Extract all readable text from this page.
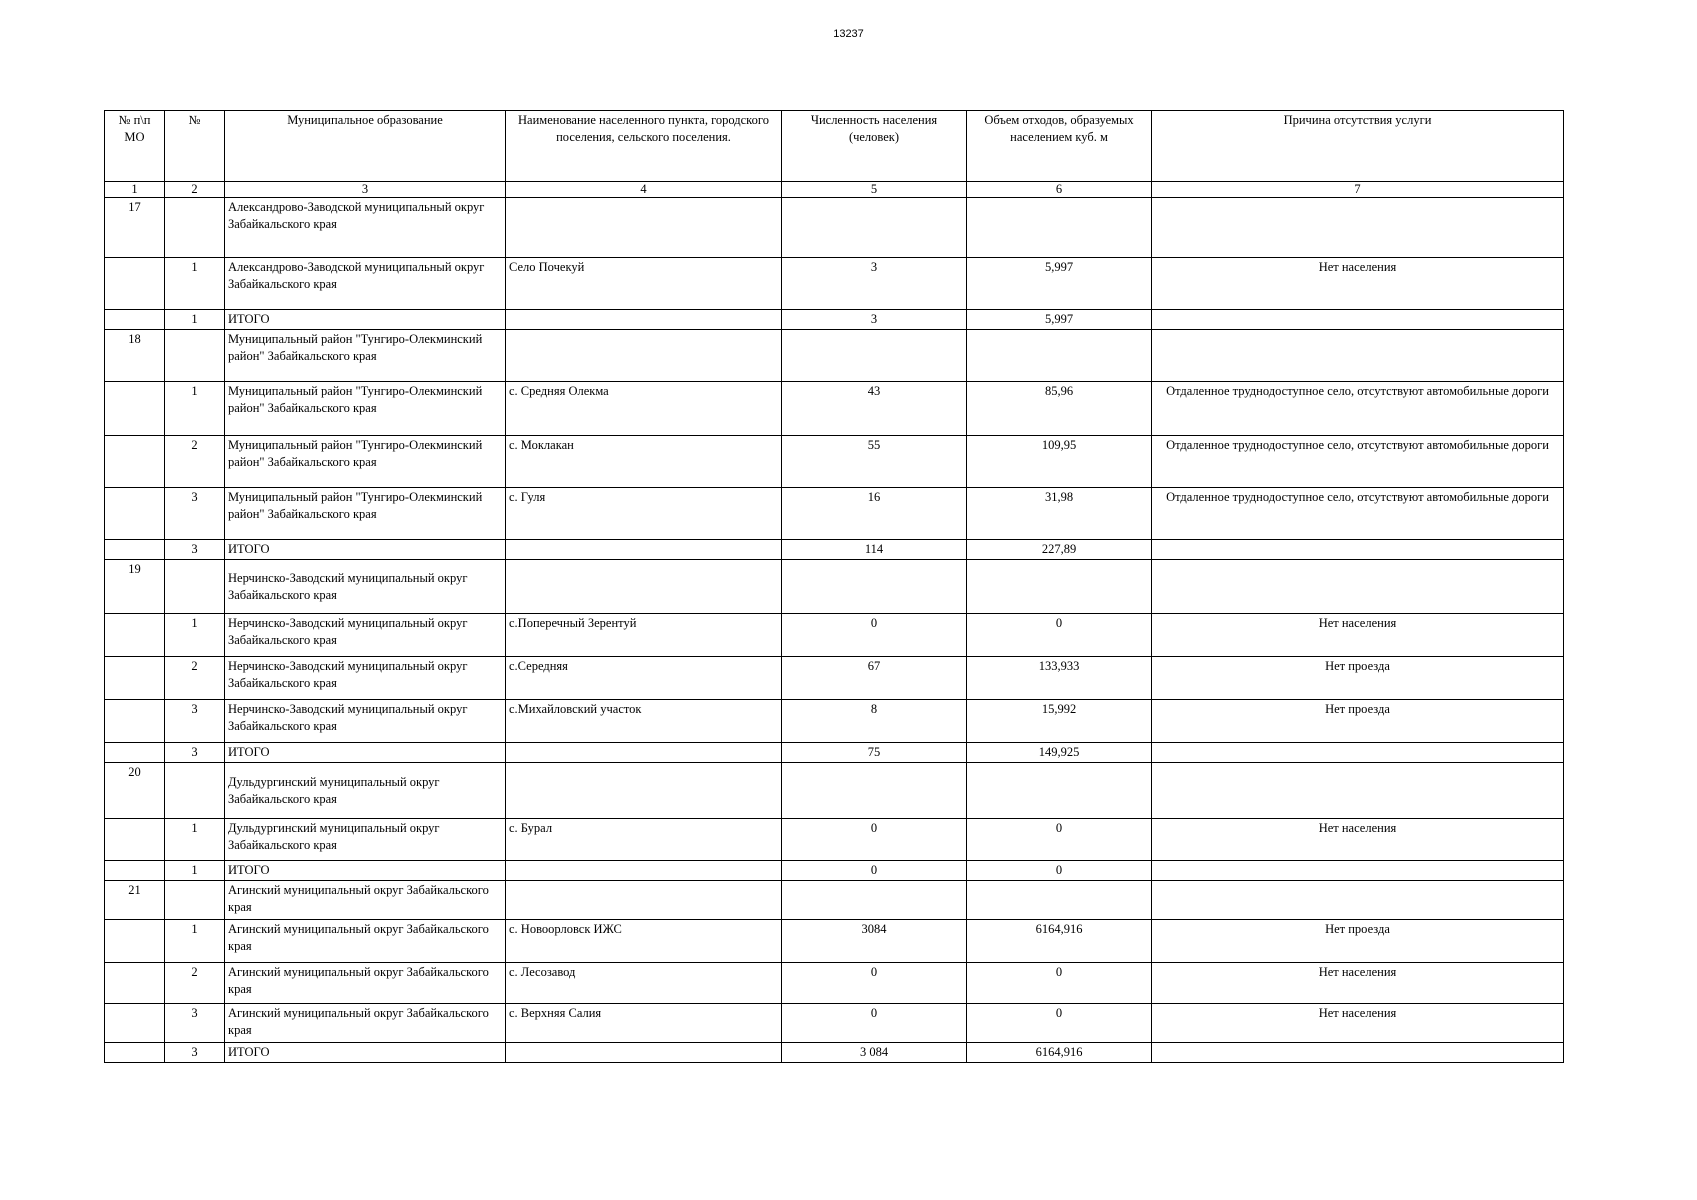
13237
№ п\п МО	№	Муниципальное образование	Наименование населенного пункта, городского поселения, сельского поселения.	Численность населения (человек)	Объем отходов, образуемых населением куб. м	Причина отсутствия услуги
1	2	3	4	5	6	7
17		Александрово-Заводской муниципальный округ Забайкальского края				
	1	Александрово-Заводской муниципальный округ Забайкальского края	Село Почекуй	3	5,997	Нет населения
	1	ИТОГО		3	5,997	
18		Муниципальный район "Тунгиро-Олекминский район" Забайкальского края				
	1	Муниципальный район "Тунгиро-Олекминский район" Забайкальского края	с. Средняя Олекма	43	85,96	Отдаленное труднодоступное село, отсутствуют автомобильные дороги
	2	Муниципальный район "Тунгиро-Олекминский район" Забайкальского края	с. Моклакан	55	109,95	Отдаленное труднодоступное село, отсутствуют автомобильные дороги
	3	Муниципальный район "Тунгиро-Олекминский район" Забайкальского края	с. Гуля	16	31,98	Отдаленное труднодоступное село, отсутствуют автомобильные дороги
	3	ИТОГО		114	227,89	
19		Нерчинско-Заводский муниципальный округ Забайкальского края				
	1	Нерчинско-Заводский муниципальный округ Забайкальского края	с.Поперечный Зерентуй	0	0	Нет населения
	2	Нерчинско-Заводский муниципальный округ Забайкальского края	с.Середняя	67	133,933	Нет проезда
	3	Нерчинско-Заводский муниципальный округ Забайкальского края	с.Михайловский участок	8	15,992	Нет проезда
	3	ИТОГО		75	149,925	
20		Дульдургинский муниципальный округ Забайкальского края				
	1	Дульдургинский муниципальный округ Забайкальского края	с. Бурал	0	0	Нет населения
	1	ИТОГО		0	0	
21		Агинский муниципальный округ Забайкальского края				
	1	Агинский муниципальный округ Забайкальского края	с. Новоорловск ИЖС	3084	6164,916	Нет проезда
	2	Агинский муниципальный округ Забайкальского края	с. Лесозавод	0	0	Нет населения
	3	Агинский муниципальный округ Забайкальского края	с. Верхняя Салия	0	0	Нет населения
	3	ИТОГО		3 084	6164,916	
